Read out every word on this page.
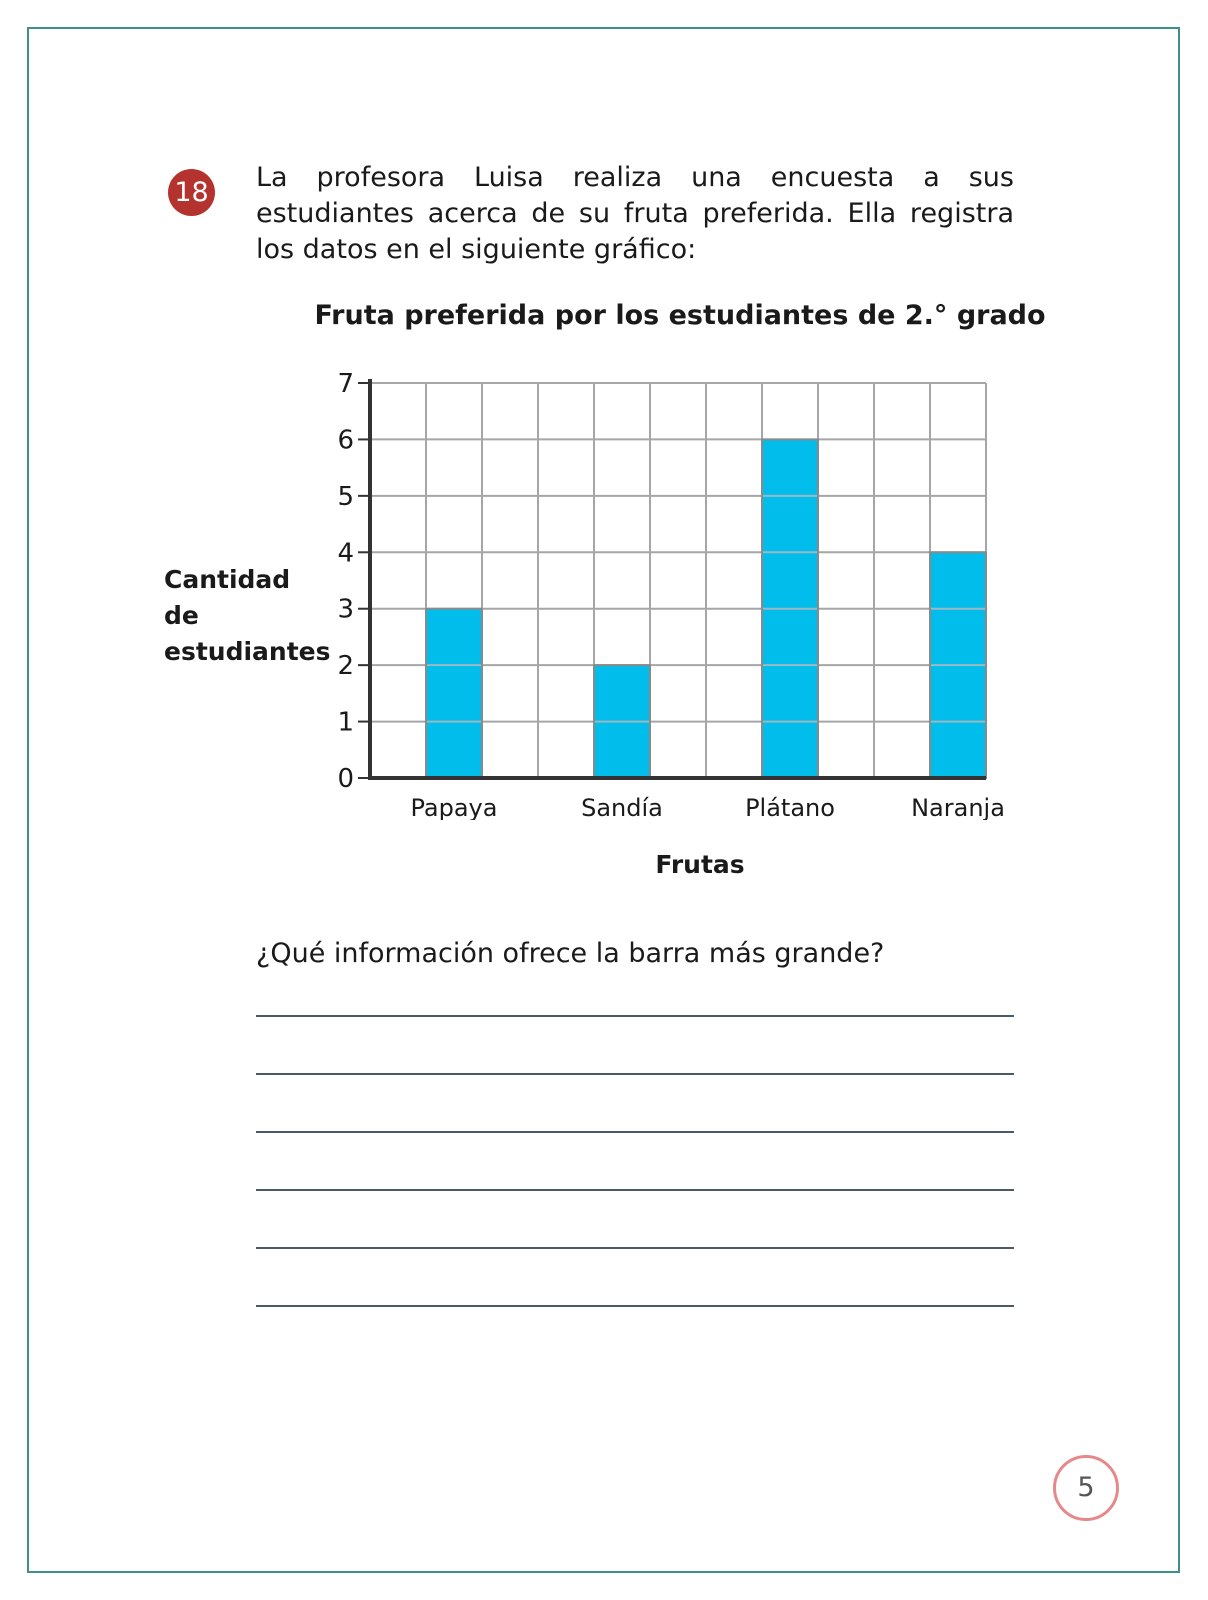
18 La profesora Luisa realiza una encuesta a sus estudiantes acerca de su fruta preferida. Ella registra los datos en el siguiente gráfico:

Fruta preferida por los estudiantes de 2.° grado
Cantidad de estudiantes
0
1
2
3
4
5
6
7
Papaya	Sandía	Plátano	Naranja
Frutas
¿Qué información ofrece la barra más grande?
5
